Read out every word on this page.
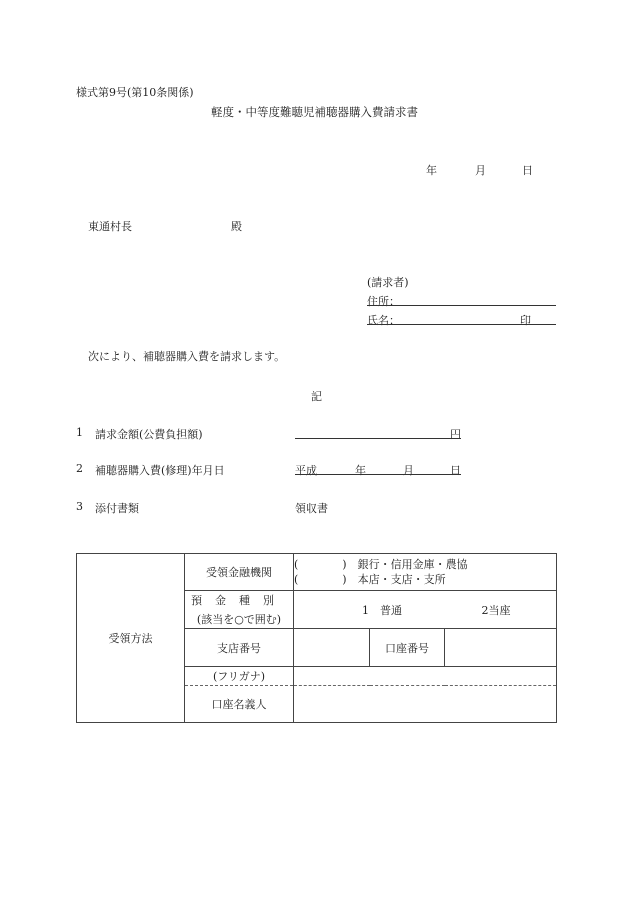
様式第9号(第10条関係)
軽度・中等度難聴児補聴器購入費請求書
年	月	日
東通村長	殿
(請求者)
住所：
氏名：	印
次により、補聴器購入費を請求します。
記
1 請求金額(公費負担額)	円
2 補聴器購入費(修理)年月日	平成	年	月	日
3 添付書類	領収書
受領方法	受領金融機関	(　　　　)　 銀行・信用金庫・農協
(　　　　)　 本店・支店・支所		

	預金種別	1　普通 2当座		
	(該当を○で囲む)			
	支店番号		口座番号	
	(フリガナ)			
	口座名義人			
